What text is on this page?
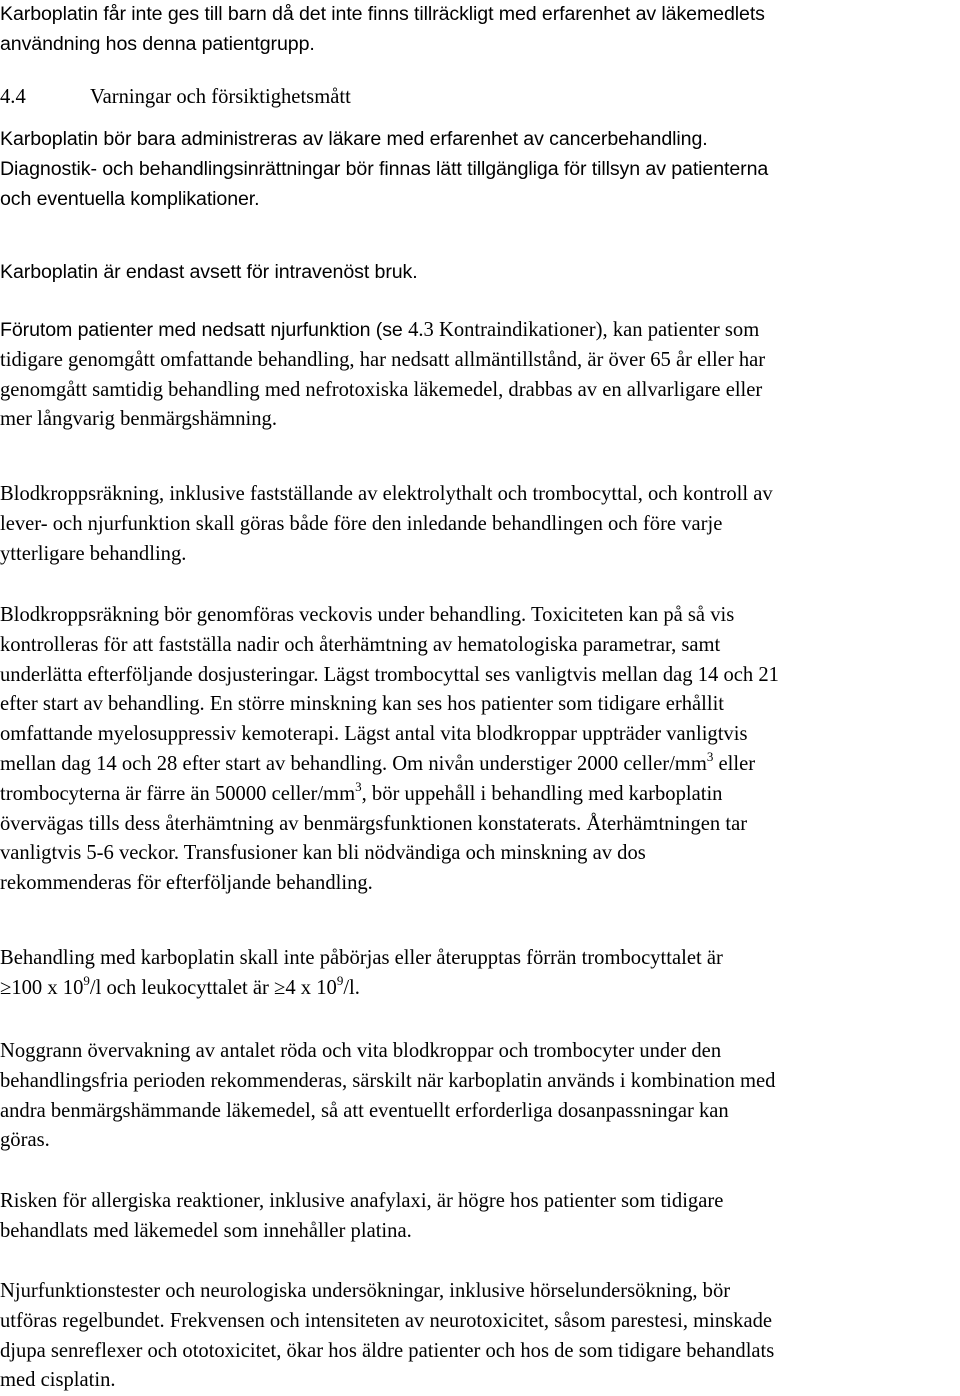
Karboplatin får inte ges till barn då det inte finns tillräckligt med erfarenhet av läkemedlets
användning hos denna patientgrupp.
4.4	Varningar och försiktighetsmått
Karboplatin bör bara administreras av läkare med erfarenhet av cancerbehandling.
Diagnostik- och behandlingsinrättningar bör finnas lätt tillgängliga för tillsyn av patienterna
och eventuella komplikationer.
Karboplatin är endast avsett för intravenöst bruk.
Förutom patienter med nedsatt njurfunktion (se 4.3 Kontraindikationer), kan patienter som
tidigare genomgått omfattande behandling, har nedsatt allmäntillstånd, är över 65 år eller har
genomgått samtidig behandling med nefrotoxiska läkemedel, drabbas av en allvarligare eller
mer långvarig benmärgshämning.
Blodkroppsräkning, inklusive fastställande av elektrolythalt och trombocyttal, och kontroll av
lever- och njurfunktion skall göras både före den inledande behandlingen och före varje
ytterligare behandling.
Blodkroppsräkning bör genomföras veckovis under behandling. Toxiciteten kan på så vis
kontrolleras för att fastställa nadir och återhämtning av hematologiska parametrar, samt
underlätta efterföljande dosjusteringar. Lägst trombocyttal ses vanligtvis mellan dag 14 och 21
efter start av behandling. En större minskning kan ses hos patienter som tidigare erhållit
omfattande myelosuppressiv kemoterapi. Lägst antal vita blodkroppar uppträder vanligtvis
mellan dag 14 och 28 efter start av behandling. Om nivån understiger 2000 celler/$mm^3$ eller
trombocyterna är färre än 50000 celler/$mm^3$, bör uppehåll i behandling med karboplatin
övervägas tills dess återhämtning av benmärgsfunktionen konstaterats. Återhämtningen tar
vanligtvis 5-6 veckor. Transfusioner kan bli nödvändiga och minskning av dos
rekommenderas för efterföljande behandling.
Behandling med karboplatin skall inte påbörjas eller återupptas förrän trombocyttalet är
≥100 x $10^9/l$ och leukocyttalet är ≥4 x $10^9/l$.
Noggrann övervakning av antalet röda och vita blodkroppar och trombocyter under den
behandlingsfria perioden rekommenderas, särskilt när karboplatin används i kombination med
andra benmärgshämmande läkemedel, så att eventuellt erforderliga dosanpassningar kan
göras.
Risken för allergiska reaktioner, inklusive anafylaxi, är högre hos patienter som tidigare
behandlats med läkemedel som innehåller platina.
Njurfunktionstester och neurologiska undersökningar, inklusive hörselundersökning, bör
utföras regelbundet. Frekvensen och intensiteten av neurotoxicitet, såsom parestesi, minskade
djupa senreflexer och ototoxicitet, ökar hos äldre patienter och hos de som tidigare behandlats
med cisplatin.
